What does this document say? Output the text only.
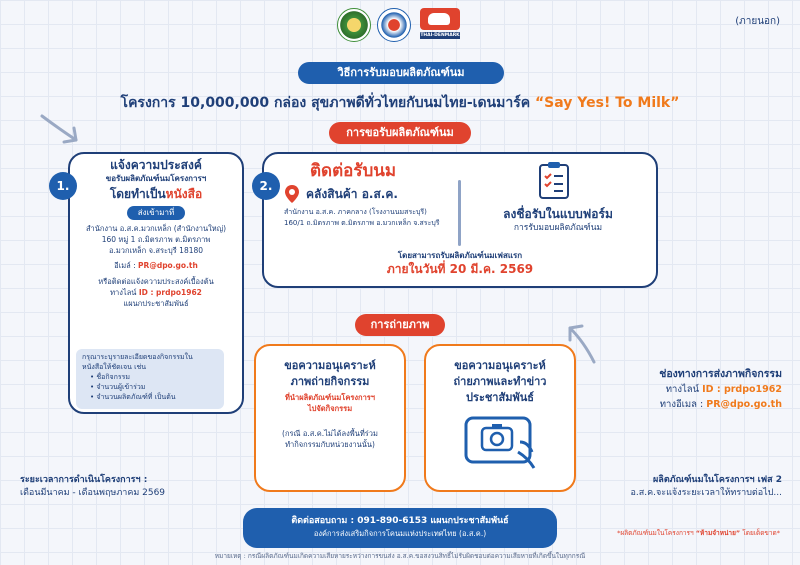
THAI-DENMARK
(ภายนอก)
วิธีการรับมอบผลิตภัณฑ์นม
โครงการ 10,000,000 กล่อง สุขภาพดีทั่วไทยกับนมไทย-เดนมาร์ค “Say Yes! To Milk”
การขอรับผลิตภัณฑ์นม
1.
แจ้งความประสงค์
ขอรับผลิตภัณฑ์นมโครงการฯ
โดยทำเป็นหนังสือ
ส่งเข้ามาที่
สำนักงาน อ.ส.ค.มวกเหล็ก (สำนักงานใหญ่)
160 หมู่ 1 ถ.มิตรภาพ ต.มิตรภาพ
อ.มวกเหล็ก จ.สระบุรี 18180
อีเมล์ : PR@dpo.go.th
หรือติดต่อแจ้งความประสงค์เบื้องต้น
ทางไลน์ ID : prdpo1962
แผนกประชาสัมพันธ์
กรุณาระบุรายละเอียดของกิจกรรมใน
หนังสือให้ชัดเจน เช่น
• ชื่อกิจกรรม
• จำนวนผู้เข้าร่วม
• จำนวนผลิตภัณฑ์ที่ เป็นต้น
2.
ติดต่อรับนม
คลังสินค้า อ.ส.ค.
สำนักงาน อ.ส.ค. ภาคกลาง (โรงงานนมสระบุรี)
160/1 ถ.มิตรภาพ ต.มิตรภาพ อ.มวกเหล็ก จ.สระบุรี
ลงชื่อรับในแบบฟอร์ม
การรับมอบผลิตภัณฑ์นม
โดยสามารถรับผลิตภัณฑ์นมเฟสแรก
ภายในวันที่ 20 มี.ค. 2569
การถ่ายภาพ
ขอความอนุเคราะห์
ภาพถ่ายกิจกรรม
ที่นำผลิตภัณฑ์นมโครงการฯ
ไปจัดกิจกรรม
(กรณี อ.ส.ค.ไม่ได้ลงพื้นที่ร่วม
ทำกิจกรรมกับหน่วยงานนั้น)
ขอความอนุเคราะห์
ถ่ายภาพและทำข่าว
ประชาสัมพันธ์
ช่องทางการส่งภาพกิจกรรม
ทางไลน์ ID : prdpo1962
ทางอีเมล : PR@dpo.go.th
ระยะเวลาการดำเนินโครงการฯ :
เดือนมีนาคม - เดือนพฤษภาคม 2569
ผลิตภัณฑ์นมในโครงการฯ เฟส 2
อ.ส.ค.จะแจ้งระยะเวลาให้ทราบต่อไป...
ติดต่อสอบถาม : 091-890-6153 แผนกประชาสัมพันธ์
องค์การส่งเสริมกิจการโคนมแห่งประเทศไทย (อ.ส.ค.)	*ผลิตภัณฑ์นมในโครงการฯ “ห้ามจำหน่าย” โดยเด็ดขาด*
หมายเหตุ : กรณีผลิตภัณฑ์นมเกิดความเสียหายระหว่างการขนส่ง อ.ส.ค.ขอสงวนสิทธิ์ไม่รับผิดชอบต่อความเสียหายที่เกิดขึ้นในทุกกรณี
